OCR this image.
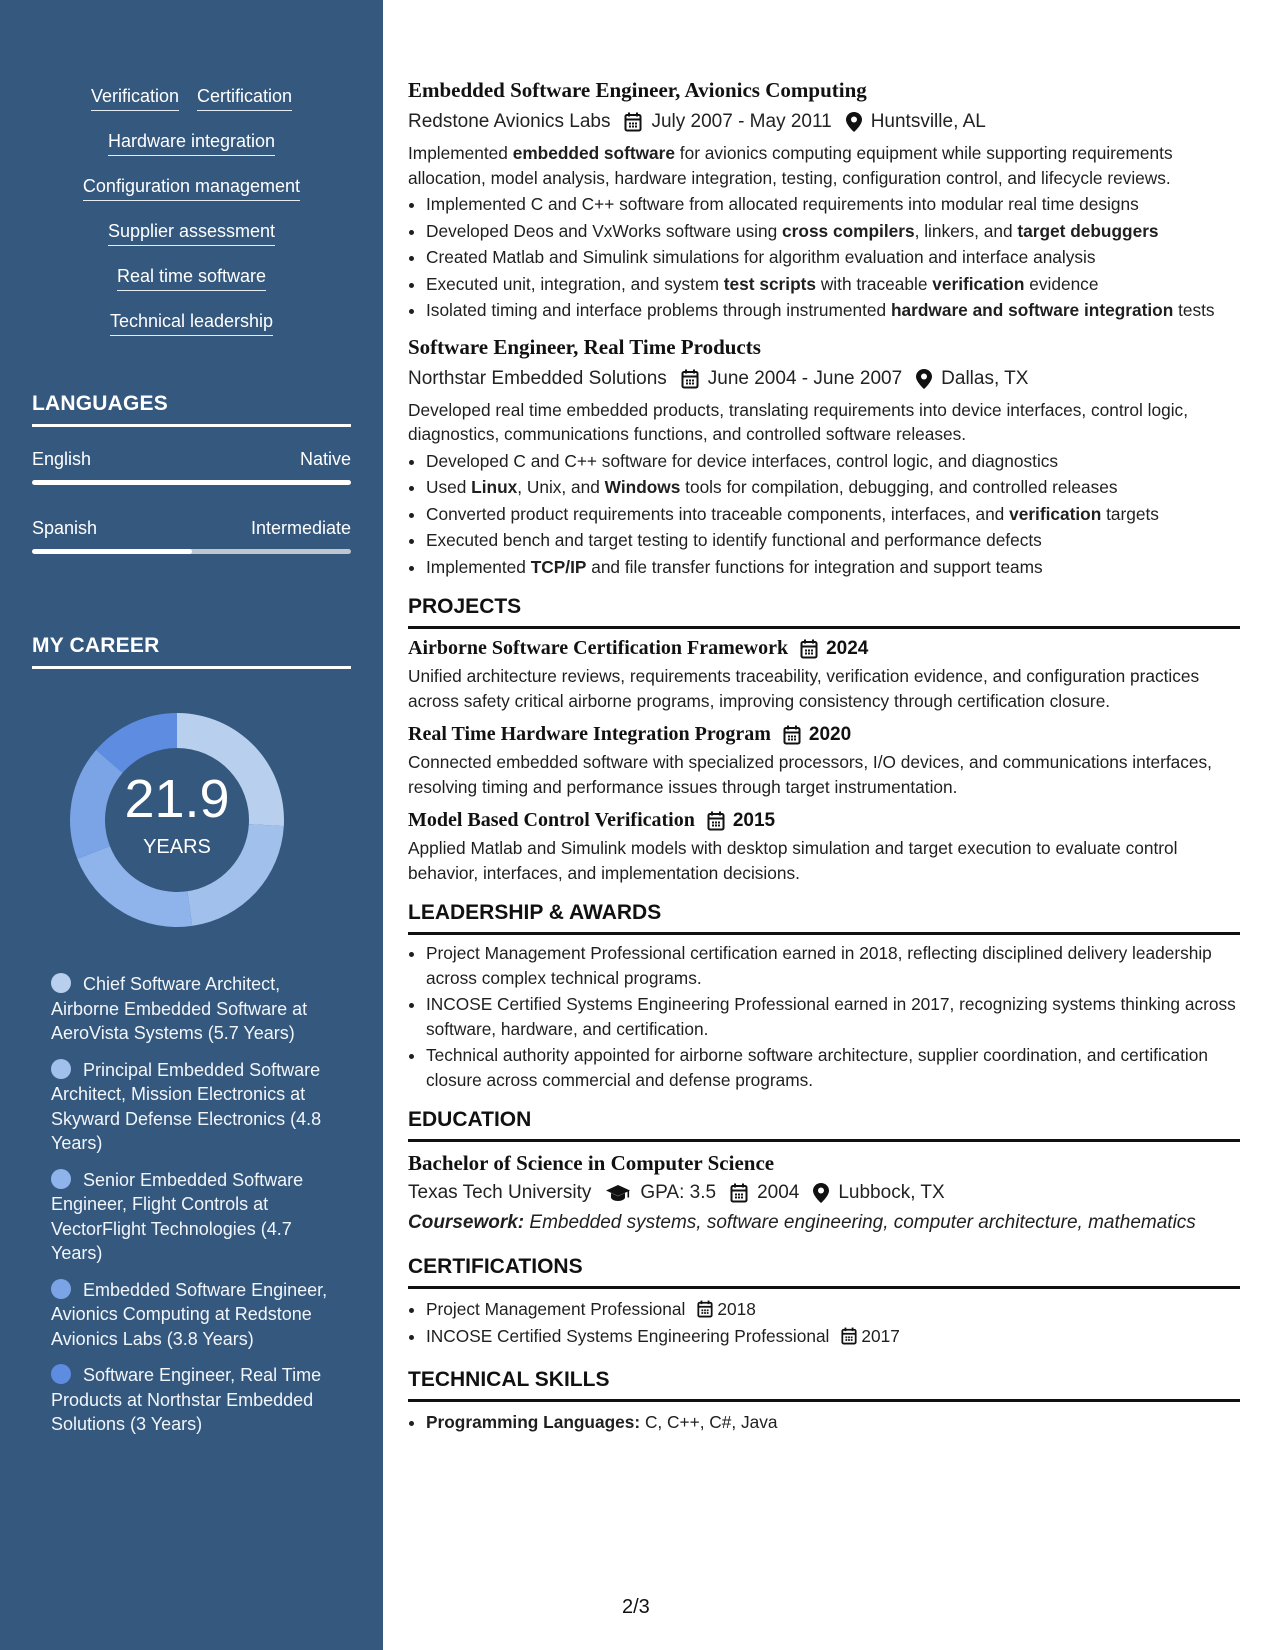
Verification Certification
Hardware integration
Configuration management
Supplier assessment
Real time software
Technical leadership
LANGUAGES
English	Native
Spanish	Intermediate
MY CAREER
21.9
YEARS
Chief Software Architect, Airborne Embedded Software at AeroVista Systems (5.7 Years)
Principal Embedded Software Architect, Mission Electronics at Skyward Defense Electronics (4.8 Years)
Senior Embedded Software Engineer, Flight Controls at VectorFlight Technologies (4.7 Years)
Embedded Software Engineer, Avionics Computing at Redstone Avionics Labs (3.8 Years)
Software Engineer, Real Time Products at Northstar Embedded Solutions (3 Years)
Embedded Software Engineer, Avionics Computing
Redstone Avionics Labs July 2007 - May 2011 Huntsville, AL

Implemented embedded software for avionics computing equipment while supporting requirements allocation, model analysis, hardware integration, testing, configuration control, and lifecycle reviews.

• Implemented C and C++ software from allocated requirements into modular real time designs
• Developed Deos and VxWorks software using cross compilers, linkers, and target debuggers
• Created Matlab and Simulink simulations for algorithm evaluation and interface analysis
• Executed unit, integration, and system test scripts with traceable verification evidence
• Isolated timing and interface problems through instrumented hardware and software integration tests
Software Engineer, Real Time Products
Northstar Embedded Solutions June 2004 - June 2007 Dallas, TX

Developed real time embedded products, translating requirements into device interfaces, control logic, diagnostics, communications functions, and controlled software releases.

• Developed C and C++ software for device interfaces, control logic, and diagnostics
• Used Linux, Unix, and Windows tools for compilation, debugging, and controlled releases
• Converted product requirements into traceable components, interfaces, and verification targets
• Executed bench and target testing to identify functional and performance defects
• Implemented TCP/IP and file transfer functions for integration and support teams
PROJECTS
Airborne Software Certification Framework 2024

Unified architecture reviews, requirements traceability, verification evidence, and configuration practices across safety critical airborne programs, improving consistency through certification closure.

Real Time Hardware Integration Program 2020

Connected embedded software with specialized processors, I/O devices, and communications interfaces, resolving timing and performance issues through target instrumentation.

Model Based Control Verification 2015

Applied Matlab and Simulink models with desktop simulation and target execution to evaluate control behavior, interfaces, and implementation decisions.

LEADERSHIP & AWARDS
• Project Management Professional certification earned in 2018, reflecting disciplined delivery leadership across complex technical programs.
• INCOSE Certified Systems Engineering Professional earned in 2017, recognizing systems thinking across software, hardware, and certification.
• Technical authority appointed for airborne software architecture, supplier coordination, and certification closure across commercial and defense programs.
EDUCATION
Bachelor of Science in Computer Science
Texas Tech University	GPA: 3.5 2004 Lubbock, TX
Coursework: Embedded systems, software engineering, computer architecture, mathematics
CERTIFICATIONS
• Project Management Professional 2018
• INCOSE Certified Systems Engineering Professional 2017
TECHNICAL SKILLS
• Programming Languages: C, C++, C#, Java
2/3
